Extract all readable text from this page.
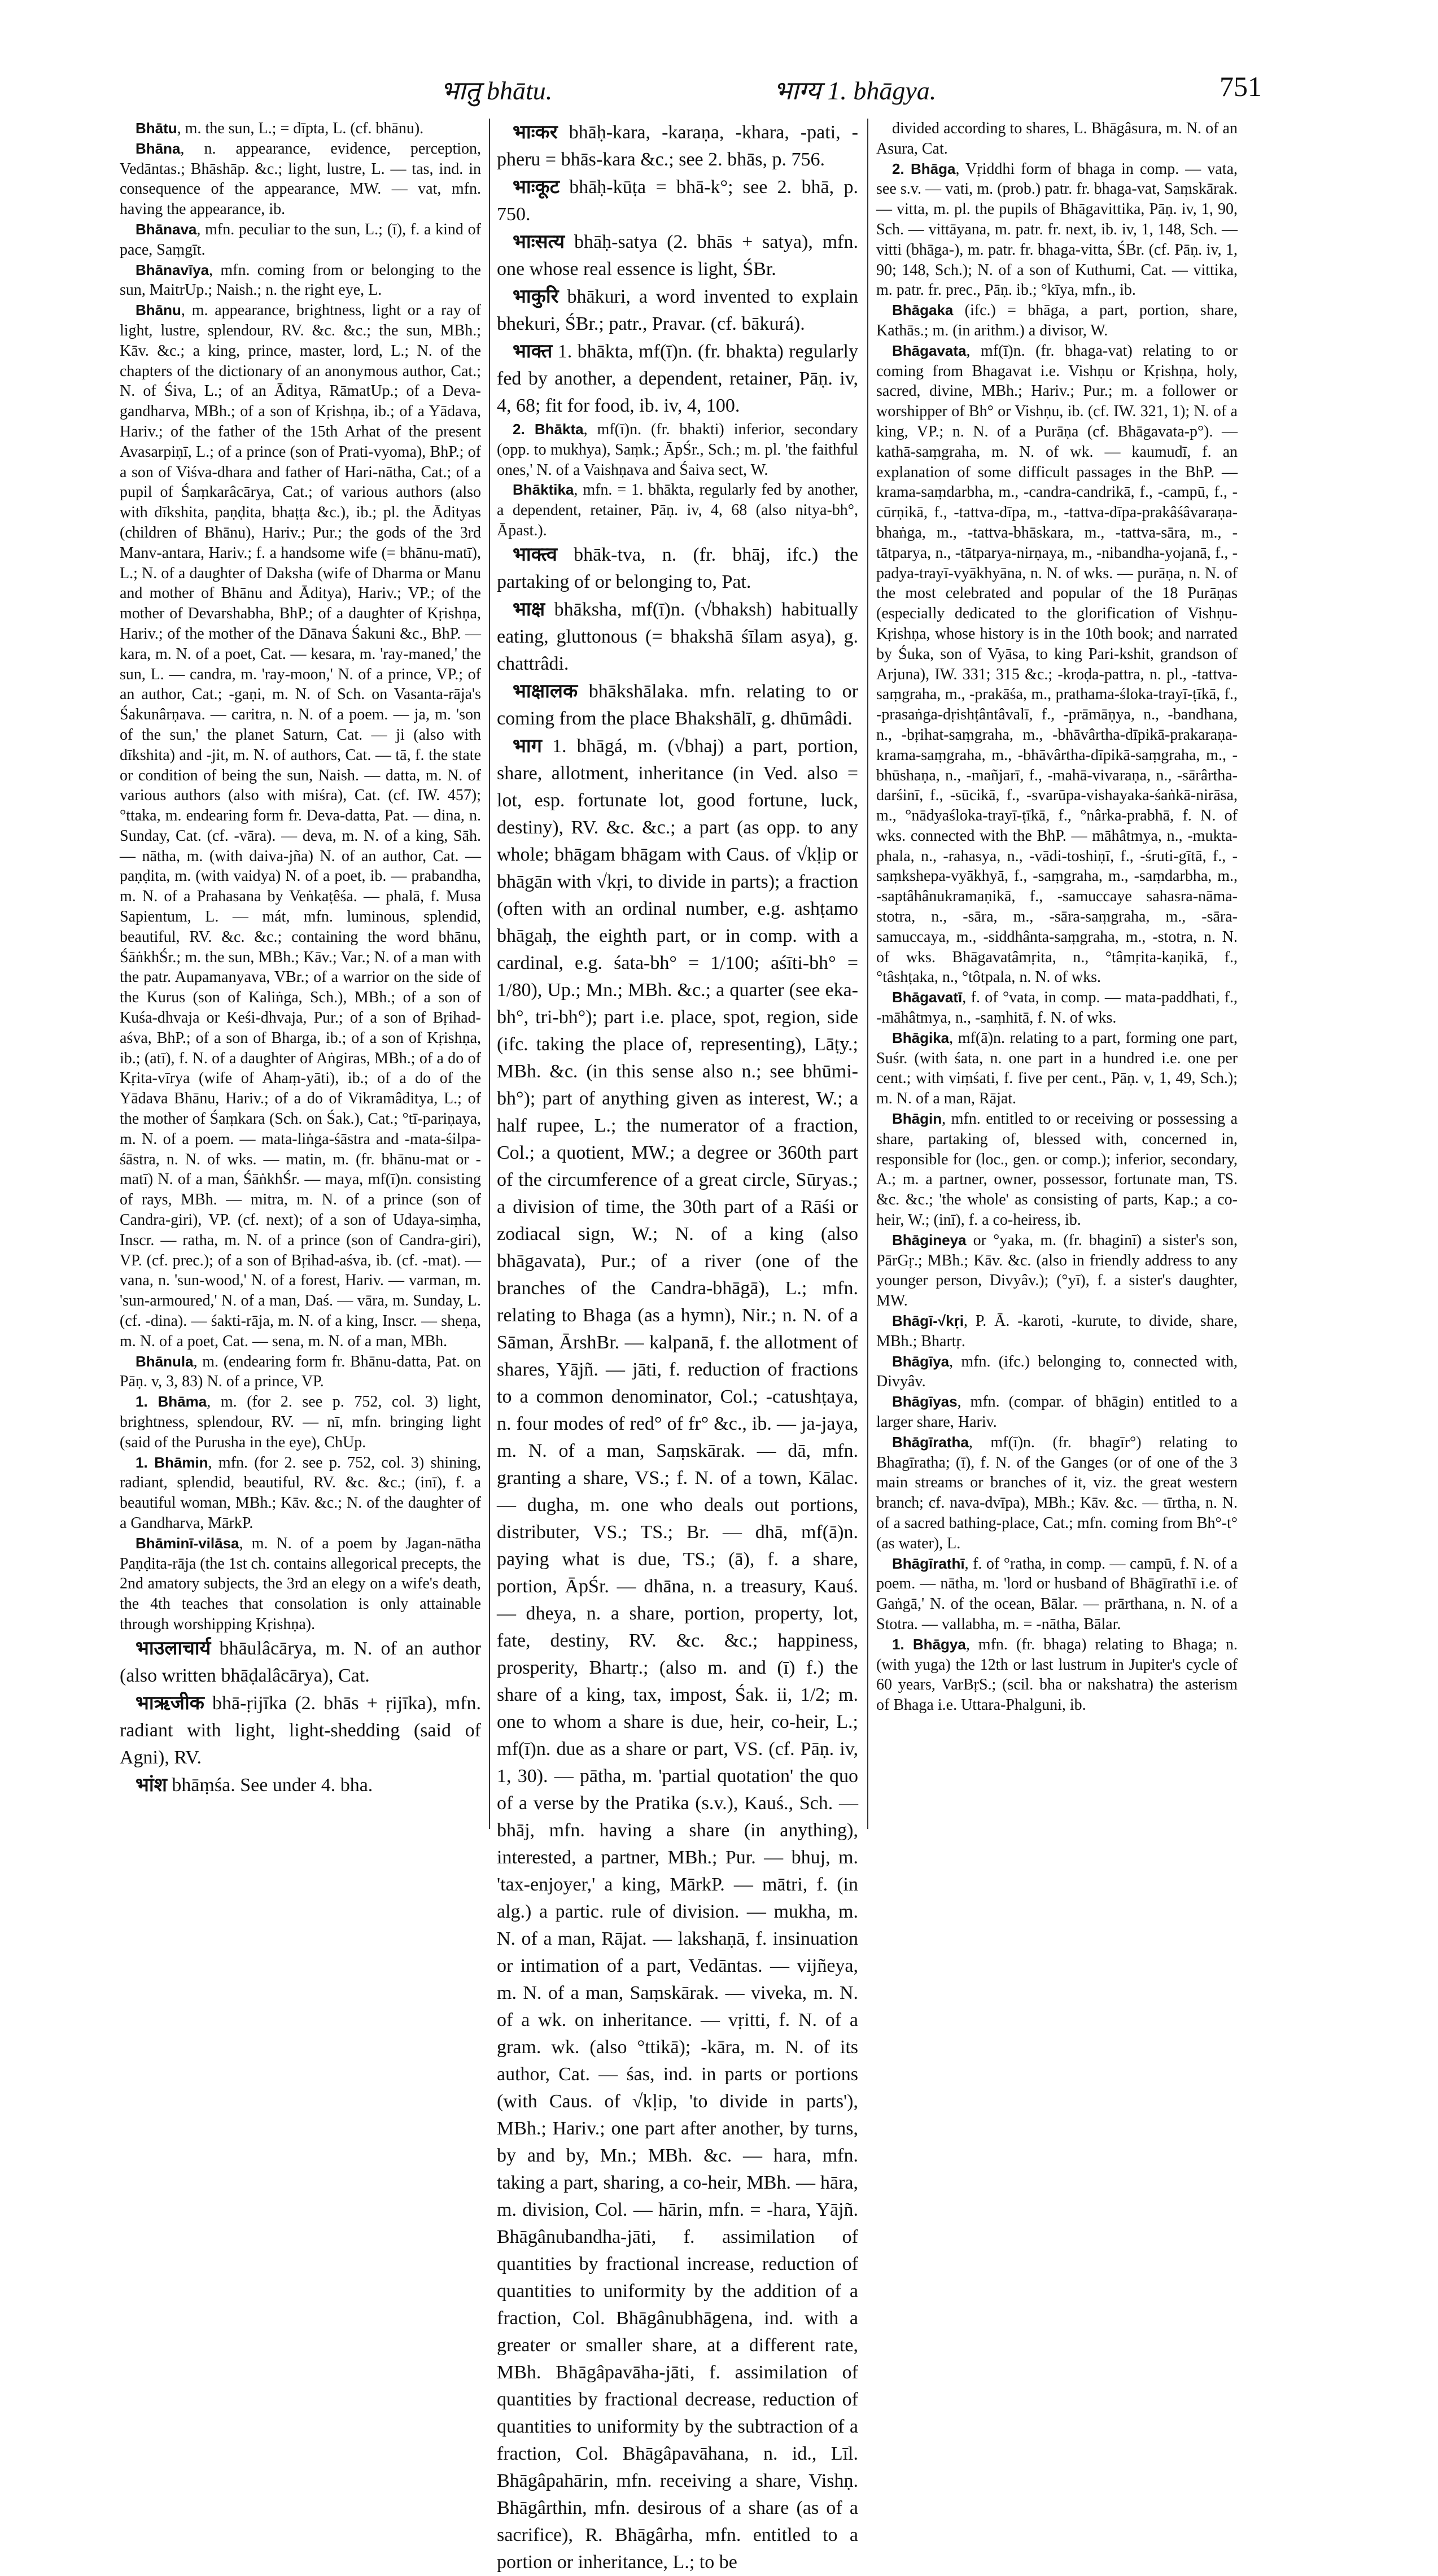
भातु bhātu.	भाग्य 1. bhāgya.	751

Bhātu, m. the sun, L.; = dīpta, L. (cf. bhānu).

Bhāna, n. appearance, evidence, perception, Vedāntas.; Bhāshāp. &c.; light, lustre, L. — tas, ind. in consequence of the appearance, MW. — vat, mfn. having the appearance, ib.

Bhānava, mfn. peculiar to the sun, L.; (ī), f. a kind of pace, Saṃgīt.

Bhānavīya, mfn. coming from or belonging to the sun, MaitrUp.; Naish.; n. the right eye, L.

Bhānu, m. appearance, brightness, light or a ray of light, lustre, splendour, RV. &c. &c.; the sun, MBh.; Kāv. &c.; a king, prince, master, lord, L.; N. of the chapters of the dictionary of an anonymous author, Cat.; N. of Śiva, L.; of an Āditya, RāmatUp.; of a Deva-gandharva, MBh.; of a son of Kṛishṇa, ib.; of a Yādava, Hariv.; of the father of the 15th Arhat of the present Avasarpiṇī, L.; of a prince (son of Prati-vyoma), BhP.; of a son of Viśva-dhara and father of Hari-nātha, Cat.; of a pupil of Śaṃkarâcārya, Cat.; of various authors (also with dīkshita, paṇḍita, bhaṭṭa &c.), ib.; pl. the Ādityas (children of Bhānu), Hariv.; Pur.; the gods of the 3rd Manv-antara, Hariv.; f. a handsome wife (= bhānu-matī), L.; N. of a daughter of Daksha (wife of Dharma or Manu and mother of Bhānu and Āditya), Hariv.; VP.; of the mother of Devarshabha, BhP.; of a daughter of Kṛishṇa, Hariv.; of the mother of the Dānava Śakuni &c., BhP. — kara, m. N. of a poet, Cat. — kesara, m. 'ray-maned,' the sun, L. — candra, m. 'ray-moon,' N. of a prince, VP.; of an author, Cat.; -gaṇi, m. N. of Sch. on Vasanta-rāja's Śakunârṇava. — caritra, n. N. of a poem. — ja, m. 'son of the sun,' the planet Saturn, Cat. — ji (also with dīkshita) and -jit, m. N. of authors, Cat. — tā, f. the state or condition of being the sun, Naish. — datta, m. N. of various authors (also with miśra), Cat. (cf. IW. 457); °ttaka, m. endearing form fr. Deva-datta, Pat. — dina, n. Sunday, Cat. (cf. -vāra). — deva, m. N. of a king, Sāh. — nātha, m. (with daiva-jña) N. of an author, Cat. — paṇḍita, m. (with vaidya) N. of a poet, ib. — prabandha, m. N. of a Prahasana by Veṅkaṭêśa. — phalā, f. Musa Sapientum, L. — mát, mfn. luminous, splendid, beautiful, RV. &c. &c.; containing the word bhānu, ŚāṅkhŚr.; m. the sun, MBh.; Kāv.; Var.; N. of a man with the patr. Aupamanyava, VBr.; of a warrior on the side of the Kurus (son of Kaliṅga, Sch.), MBh.; of a son of Kuśa-dhvaja or Keśi-dhvaja, Pur.; of a son of Bṛihad-aśva, BhP.; of a son of Bharga, ib.; of a son of Kṛishṇa, ib.; (atī), f. N. of a daughter of Aṅgiras, MBh.; of a do of Kṛita-vīrya (wife of Ahaṃ-yāti), ib.; of a do of the Yādava Bhānu, Hariv.; of a do of Vikramâditya, L.; of the mother of Śaṃkara (Sch. on Śak.), Cat.; °tī-pariṇaya, m. N. of a poem. — mata-liṅga-śāstra and -mata-śilpa-śāstra, n. N. of wks. — matin, m. (fr. bhānu-mat or -matī) N. of a man, ŚāṅkhŚr. — maya, mf(ī)n. consisting of rays, MBh. — mitra, m. N. of a prince (son of Candra-giri), VP. (cf. next); of a son of Udaya-siṃha, Inscr. — ratha, m. N. of a prince (son of Candra-giri), VP. (cf. prec.); of a son of Bṛihad-aśva, ib. (cf. -mat). — vana, n. 'sun-wood,' N. of a forest, Hariv. — varman, m. 'sun-armoured,' N. of a man, Daś. — vāra, m. Sunday, L. (cf. -dina). — śakti-rāja, m. N. of a king, Inscr. — sheṇa, m. N. of a poet, Cat. — sena, m. N. of a man, MBh.

Bhānula, m. (endearing form fr. Bhānu-datta, Pat. on Pāṇ. v, 3, 83) N. of a prince, VP.

1. Bhāma, m. (for 2. see p. 752, col. 3) light, brightness, splendour, RV. — nī, mfn. bringing light (said of the Purusha in the eye), ChUp.

1. Bhāmin, mfn. (for 2. see p. 752, col. 3) shining, radiant, splendid, beautiful, RV. &c. &c.; (inī), f. a beautiful woman, MBh.; Kāv. &c.; N. of the daughter of a Gandharva, MārkP.

Bhāminī-vilāsa, m. N. of a poem by Jagan-nātha Paṇḍita-rāja (the 1st ch. contains allegorical precepts, the 2nd amatory subjects, the 3rd an elegy on a wife's death, the 4th teaches that consolation is only attainable through worshipping Kṛishṇa).

भाउलाचार्य bhāulâcārya, m. N. of an author (also written bhāḍalâcārya), Cat.

भाऋजीक bhā-ṛijīka (2. bhās + ṛijīka), mfn. radiant with light, light-shedding (said of Agni), RV.

भांश bhāṃśa. See under 4. bha.

भाःकर bhāḥ-kara, -karaṇa, -khara, -pati, -pheru = bhās-kara &c.; see 2. bhās, p. 756.

भाःकूट bhāḥ-kūṭa = bhā-k°; see 2. bhā, p. 750.

भाःसत्य bhāḥ-satya (2. bhās + satya), mfn. one whose real essence is light, ŚBr.

भाकुरि bhākuri, a word invented to explain bhekuri, ŚBr.; patr., Pravar. (cf. bākurá).

भाक्त 1. bhākta, mf(ī)n. (fr. bhakta) regularly fed by another, a dependent, retainer, Pāṇ. iv, 4, 68; fit for food, ib. iv, 4, 100.

2. Bhākta, mf(ī)n. (fr. bhakti) inferior, secondary (opp. to mukhya), Saṃk.; ĀpŚr., Sch.; m. pl. 'the faithful ones,' N. of a Vaishṇava and Śaiva sect, W.

Bhāktika, mfn. = 1. bhākta, regularly fed by another, a dependent, retainer, Pāṇ. iv, 4, 68 (also nitya-bh°, Āpast.).

भाक्त्व bhāk-tva, n. (fr. bhāj, ifc.) the partaking of or belonging to, Pat.

भाक्ष bhāksha, mf(ī)n. (√bhaksh) habitually eating, gluttonous (= bhakshā śīlam asya), g. chattrâdi.

भाक्षालक bhākshālaka. mfn. relating to or coming from the place Bhakshālī, g. dhūmâdi.

भाग 1. bhāgá, m. (√bhaj) a part, portion, share, allotment, inheritance (in Ved. also = lot, esp. fortunate lot, good fortune, luck, destiny), RV. &c. &c.; a part (as opp. to any whole; bhāgam bhāgam with Caus. of √kḷip or bhāgān with √kṛi, to divide in parts); a fraction (often with an ordinal number, e.g. ashṭamo bhāgaḥ, the eighth part, or in comp. with a cardinal, e.g. śata-bh° = 1/100; aśīti-bh° = 1/80), Up.; Mn.; MBh. &c.; a quarter (see eka-bh°, tri-bh°); part i.e. place, spot, region, side (ifc. taking the place of, representing), Lāṭy.; MBh. &c. (in this sense also n.; see bhūmi-bh°); part of anything given as interest, W.; a half rupee, L.; the numerator of a fraction, Col.; a quotient, MW.; a degree or 360th part of the circumference of a great circle, Sūryas.; a division of time, the 30th part of a Rāśi or zodiacal sign, W.; N. of a king (also bhāgavata), Pur.; of a river (one of the branches of the Candra-bhāgā), L.; mfn. relating to Bhaga (as a hymn), Nir.; n. N. of a Sāman, ĀrshBr. — kalpanā, f. the allotment of shares, Yājñ. — jāti, f. reduction of fractions to a common denominator, Col.; -catushṭaya, n. four modes of red° of fr° &c., ib. — ja-jaya, m. N. of a man, Saṃskārak. — dā, mfn. granting a share, VS.; f. N. of a town, Kālac. — dugha, m. one who deals out portions, distributer, VS.; TS.; Br. — dhā, mf(ā)n. paying what is due, TS.; (ā), f. a share, portion, ĀpŚr. — dhāna, n. a treasury, Kauś. — dheya, n. a share, portion, property, lot, fate, destiny, RV. &c. &c.; happiness, prosperity, Bhartṛ.; (also m. and (ī) f.) the share of a king, tax, impost, Śak. ii, 1/2; m. one to whom a share is due, heir, co-heir, L.; mf(ī)n. due as a share or part, VS. (cf. Pāṇ. iv, 1, 30). — pātha, m. 'partial quotation' the quo of a verse by the Pratika (s.v.), Kauś., Sch. — bhāj, mfn. having a share (in anything), interested, a partner, MBh.; Pur. — bhuj, m. 'tax-enjoyer,' a king, MārkP. — mātri, f. (in alg.) a partic. rule of division. — mukha, m. N. of a man, Rājat. — lakshaṇā, f. insinuation or intimation of a part, Vedāntas. — vijñeya, m. N. of a man, Saṃskārak. — viveka, m. N. of a wk. on inheritance. — vṛitti, f. N. of a gram. wk. (also °ttikā); -kāra, m. N. of its author, Cat. — śas, ind. in parts or portions (with Caus. of √kḷip, 'to divide in parts'), MBh.; Hariv.; one part after another, by turns, by and by, Mn.; MBh. &c. — hara, mfn. taking a part, sharing, a co-heir, MBh. — hāra, m. division, Col. — hārin, mfn. = -hara, Yājñ. Bhāgânubandha-jāti, f. assimilation of quantities by fractional increase, reduction of quantities to uniformity by the addition of a fraction, Col. Bhāgânubhāgena, ind. with a greater or smaller share, at a different rate, MBh. Bhāgâpavāha-jāti, f. assimilation of quantities by fractional decrease, reduction of quantities to uniformity by the subtraction of a fraction, Col. Bhāgâpavāhana, n. id., Līl. Bhāgâpahārin, mfn. receiving a share, Vishṇ. Bhāgârthin, mfn. desirous of a share (as of a sacrifice), R. Bhāgârha, mfn. entitled to a portion or inheritance, L.; to be

divided according to shares, L. Bhāgâsura, m. N. of an Asura, Cat.

2. Bhāga, Vṛiddhi form of bhaga in comp. — vata, see s.v. — vati, m. (prob.) patr. fr. bhaga-vat, Saṃskārak. — vitta, m. pl. the pupils of Bhāgavittika, Pāṇ. iv, 1, 90, Sch. — vittāyana, m. patr. fr. next, ib. iv, 1, 148, Sch. — vitti (bhāga-), m. patr. fr. bhaga-vitta, ŚBr. (cf. Pāṇ. iv, 1, 90; 148, Sch.); N. of a son of Kuthumi, Cat. — vittika, m. patr. fr. prec., Pāṇ. ib.; °kīya, mfn., ib.

Bhāgaka (ifc.) = bhāga, a part, portion, share, Kathās.; m. (in arithm.) a divisor, W.

Bhāgavata, mf(ī)n. (fr. bhaga-vat) relating to or coming from Bhagavat i.e. Vishṇu or Kṛishṇa, holy, sacred, divine, MBh.; Hariv.; Pur.; m. a follower or worshipper of Bh° or Vishṇu, ib. (cf. IW. 321, 1); N. of a king, VP.; n. N. of a Purāṇa (cf. Bhāgavata-p°). — kathā-saṃgraha, m. N. of wk. — kaumudī, f. an explanation of some difficult passages in the BhP. — krama-saṃdarbha, m., -candra-candrikā, f., -campū, f., -cūrṇikā, f., -tattva-dīpa, m., -tattva-dīpa-prakâśâvaraṇa-bhaṅga, m., -tattva-bhāskara, m., -tattva-sāra, m., -tātparya, n., -tātparya-nirṇaya, m., -nibandha-yojanā, f., -padya-trayī-vyākhyāna, n. N. of wks. — purāṇa, n. N. of the most celebrated and popular of the 18 Purāṇas (especially dedicated to the glorification of Vishṇu-Kṛishṇa, whose history is in the 10th book; and narrated by Śuka, son of Vyāsa, to king Pari-kshit, grandson of Arjuna), IW. 331; 315 &c.; -kroḍa-pattra, n. pl., -tattva-saṃgraha, m., -prakāśa, m., prathama-śloka-trayī-ṭīkā, f., -prasaṅga-dṛishṭântâvalī, f., -prāmāṇya, n., -bandhana, n., -bṛihat-saṃgraha, m., -bhāvârtha-dīpikā-prakaraṇa-krama-saṃgraha, m., -bhāvârtha-dīpikā-saṃgraha, m., -bhūshaṇa, n., -mañjarī, f., -mahā-vivaraṇa, n., -sārârtha-darśinī, f., -sūcikā, f., -svarūpa-vishayaka-śaṅkā-nirāsa, m., °nādyaśloka-trayī-ṭīkā, f., °nârka-prabhā, f. N. of wks. connected with the BhP. — māhâtmya, n., -mukta-phala, n., -rahasya, n., -vādi-toshiṇī, f., -śruti-gītā, f., -saṃkshepa-vyākhyā, f., -saṃgraha, m., -saṃdarbha, m., -saptâhânukramaṇikā, f., -samuccaye sahasra-nāma-stotra, n., -sāra, m., -sāra-saṃgraha, m., -sāra-samuccaya, m., -siddhânta-saṃgraha, m., -stotra, n. N. of wks. Bhāgavatâmṛita, n., °tâmṛita-kaṇikā, f., °tâshṭaka, n., °tôtpala, n. N. of wks.

Bhāgavatī, f. of °vata, in comp. — mata-paddhati, f., -māhâtmya, n., -saṃhitā, f. N. of wks.

Bhāgika, mf(ā)n. relating to a part, forming one part, Suśr. (with śata, n. one part in a hundred i.e. one per cent.; with viṃśati, f. five per cent., Pāṇ. v, 1, 49, Sch.); m. N. of a man, Rājat.

Bhāgin, mfn. entitled to or receiving or possessing a share, partaking of, blessed with, concerned in, responsible for (loc., gen. or comp.); inferior, secondary, A.; m. a partner, owner, possessor, fortunate man, TS. &c. &c.; 'the whole' as consisting of parts, Kap.; a co-heir, W.; (inī), f. a co-heiress, ib.

Bhāgineya or °yaka, m. (fr. bhaginī) a sister's son, PārGṛ.; MBh.; Kāv. &c. (also in friendly address to any younger person, Divyâv.); (°yī), f. a sister's daughter, MW.

Bhāgī-√kṛi, P. Ā. -karoti, -kurute, to divide, share, MBh.; Bhartṛ.

Bhāgīya, mfn. (ifc.) belonging to, connected with, Divyâv.

Bhāgīyas, mfn. (compar. of bhāgin) entitled to a larger share, Hariv.

Bhāgīratha, mf(ī)n. (fr. bhagīr°) relating to Bhagīratha; (ī), f. N. of the Ganges (or of one of the 3 main streams or branches of it, viz. the great western branch; cf. nava-dvīpa), MBh.; Kāv. &c. — tīrtha, n. N. of a sacred bathing-place, Cat.; mfn. coming from Bh°-t° (as water), L.

Bhāgīrathī, f. of °ratha, in comp. — campū, f. N. of a poem. — nātha, m. 'lord or husband of Bhāgīrathī i.e. of Gaṅgā,' N. of the ocean, Bālar. — prārthana, n. N. of a Stotra. — vallabha, m. = -nātha, Bālar.

1. Bhāgya, mfn. (fr. bhaga) relating to Bhaga; n. (with yuga) the 12th or last lustrum in Jupiter's cycle of 60 years, VarBṛS.; (scil. bha or nakshatra) the asterism of Bhaga i.e. Uttara-Phalguni, ib.
